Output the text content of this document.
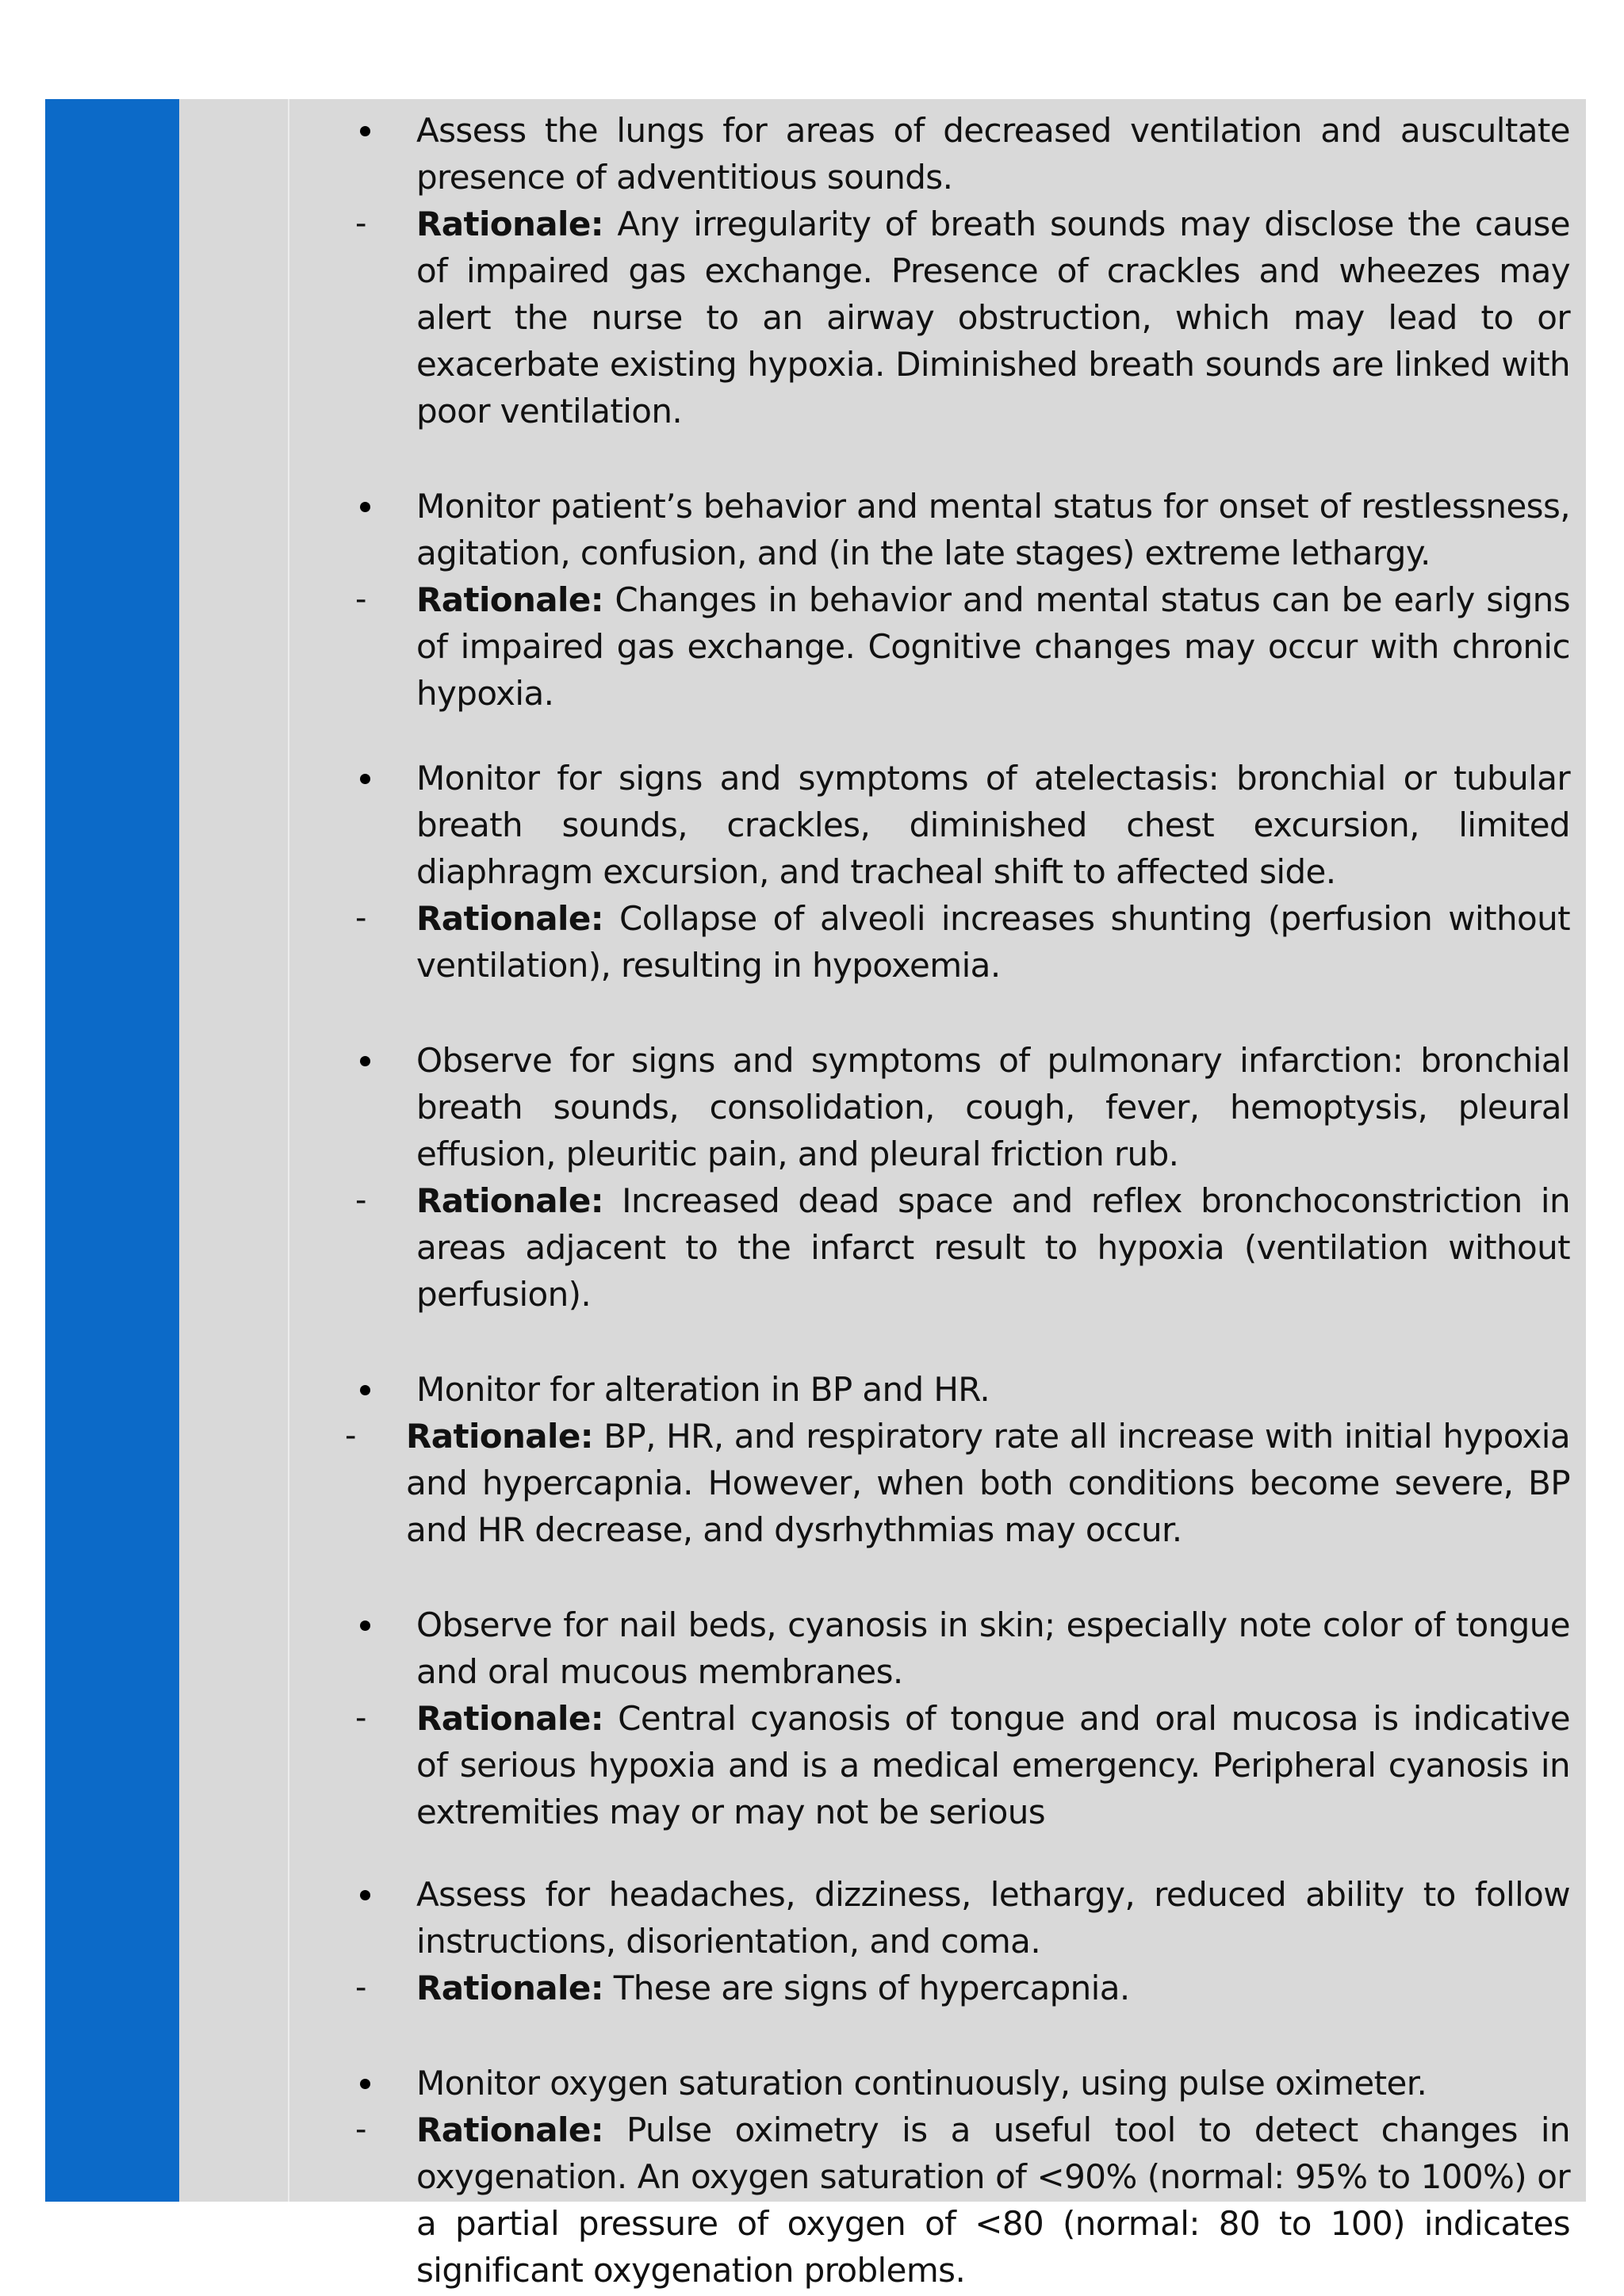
Assess the lungs for areas of decreased ventilation and auscultate presence of adventitious sounds.
-	Rationale: Any irregularity of breath sounds may disclose the cause of impaired gas exchange. Presence of crackles and wheezes may alert the nurse to an airway obstruction, which may lead to or exacerbate existing hypoxia. Diminished breath sounds are linked with poor ventilation.
Monitor patient’s behavior and mental status for onset of restlessness, agitation, confusion, and (in the late stages) extreme lethargy.
-	Rationale: Changes in behavior and mental status can be early signs of impaired gas exchange. Cognitive changes may occur with chronic hypoxia.
Monitor for signs and symptoms of atelectasis: bronchial or tubular breath sounds, crackles, diminished chest excursion, limited diaphragm excursion, and tracheal shift to affected side.
-	Rationale: Collapse of alveoli increases shunting (perfusion without ventilation), resulting in hypoxemia.
Observe for signs and symptoms of pulmonary infarction: bronchial breath sounds, consolidation, cough, fever, hemoptysis, pleural effusion, pleuritic pain, and pleural friction rub.
-	Rationale: Increased dead space and reflex bronchoconstriction in areas adjacent to the infarct result to hypoxia (ventilation without perfusion).
Monitor for alteration in BP and HR.
-	Rationale: BP, HR, and respiratory rate all increase with initial hypoxia and hypercapnia. However, when both conditions become severe, BP and HR decrease, and dysrhythmias may occur.
Observe for nail beds, cyanosis in skin; especially note color of tongue and oral mucous membranes.
-	Rationale: Central cyanosis of tongue and oral mucosa is indicative of serious hypoxia and is a medical emergency. Peripheral cyanosis in extremities may or may not be serious
Assess for headaches, dizziness, lethargy, reduced ability to follow instructions, disorientation, and coma.
-	Rationale: These are signs of hypercapnia.
Monitor oxygen saturation continuously, using pulse oximeter.
-	Rationale: Pulse oximetry is a useful tool to detect changes in oxygenation. An oxygen saturation of <90% (normal: 95% to 100%) or a partial pressure of oxygen of <80 (normal: 80 to 100) indicates significant oxygenation problems.
